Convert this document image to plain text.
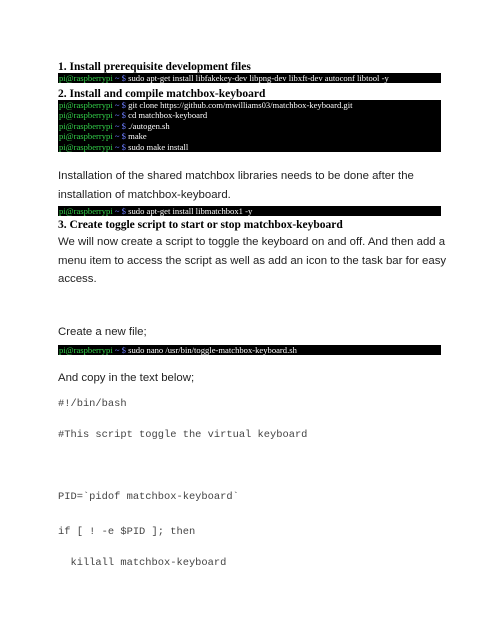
1. Install prerequisite development files
pi@raspberrypi ~ $ sudo apt-get install libfakekey-dev libpng-dev libxft-dev autoconf libtool -y
2. Install and compile matchbox-keyboard
pi@raspberrypi ~ $ git clone https://github.com/mwilliams03/matchbox-keyboard.git
pi@raspberrypi ~ $ cd matchbox-keyboard
pi@raspberrypi ~ $ ./autogen.sh
pi@raspberrypi ~ $ make
pi@raspberrypi ~ $ sudo make install
Installation of the shared matchbox libraries needs to be done after the installation of matchbox-keyboard.
pi@raspberrypi ~ $ sudo apt-get install libmatchbox1 -y
3. Create toggle script to start or stop matchbox-keyboard
We will now create a script to toggle the keyboard on and off. And then add a menu item to access the script as well as add an icon to the task bar for easy access.
Create a new file;
pi@raspberrypi ~ $ sudo nano /usr/bin/toggle-matchbox-keyboard.sh
And copy in the text below;
#!/bin/bash
#This script toggle the virtual keyboard
PID=`pidof matchbox-keyboard`
if [ ! -e $PID ]; then
killall matchbox-keyboard
